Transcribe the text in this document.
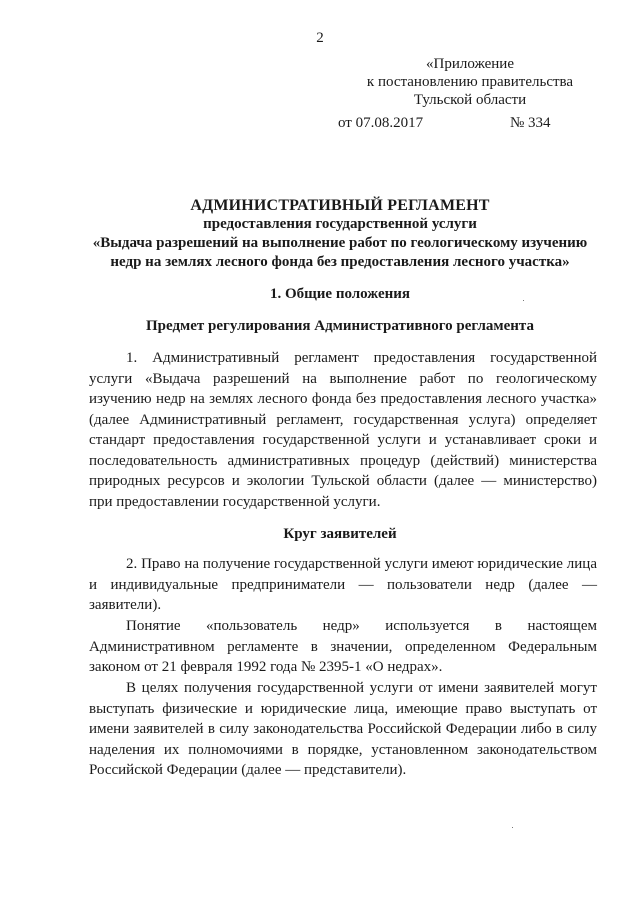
2
«Приложение
к постановлению правительства
Тульской области
от 07.08.2017	№ 334
АДМИНИСТРАТИВНЫЙ РЕГЛАМЕНТ
предоставления государственной услуги
«Выдача разрешений на выполнение работ по геологическому изучению
недр на землях лесного фонда без предоставления лесного участка»
1. Общие положения
Предмет регулирования Административного регламента
1. Административный регламент предоставления государственной услуги «Выдача разрешений на выполнение работ по геологическому изучению недр на землях лесного фонда без предоставления лесного участка» (далее Административный регламент, государственная услуга) определяет стандарт предоставления государственной услуги и устанавливает сроки и последовательность административных процедур (действий) министерства природных ресурсов и экологии Тульской области (далее — министерство) при предоставлении государственной услуги.
Круг заявителей
2. Право на получение государственной услуги имеют юридические лица и индивидуальные предприниматели — пользователи недр (далее — заявители).
Понятие «пользователь недр» используется в настоящем Административном регламенте в значении, определенном Федеральным законом от 21 февраля 1992 года № 2395-1 «О недрах».
В целях получения государственной услуги от имени заявителей могут выступать физические и юридические лица, имеющие право выступать от имени заявителей в силу законодательства Российской Федерации либо в силу наделения их полномочиями в порядке, установленном законодательством Российской Федерации (далее — представители).
